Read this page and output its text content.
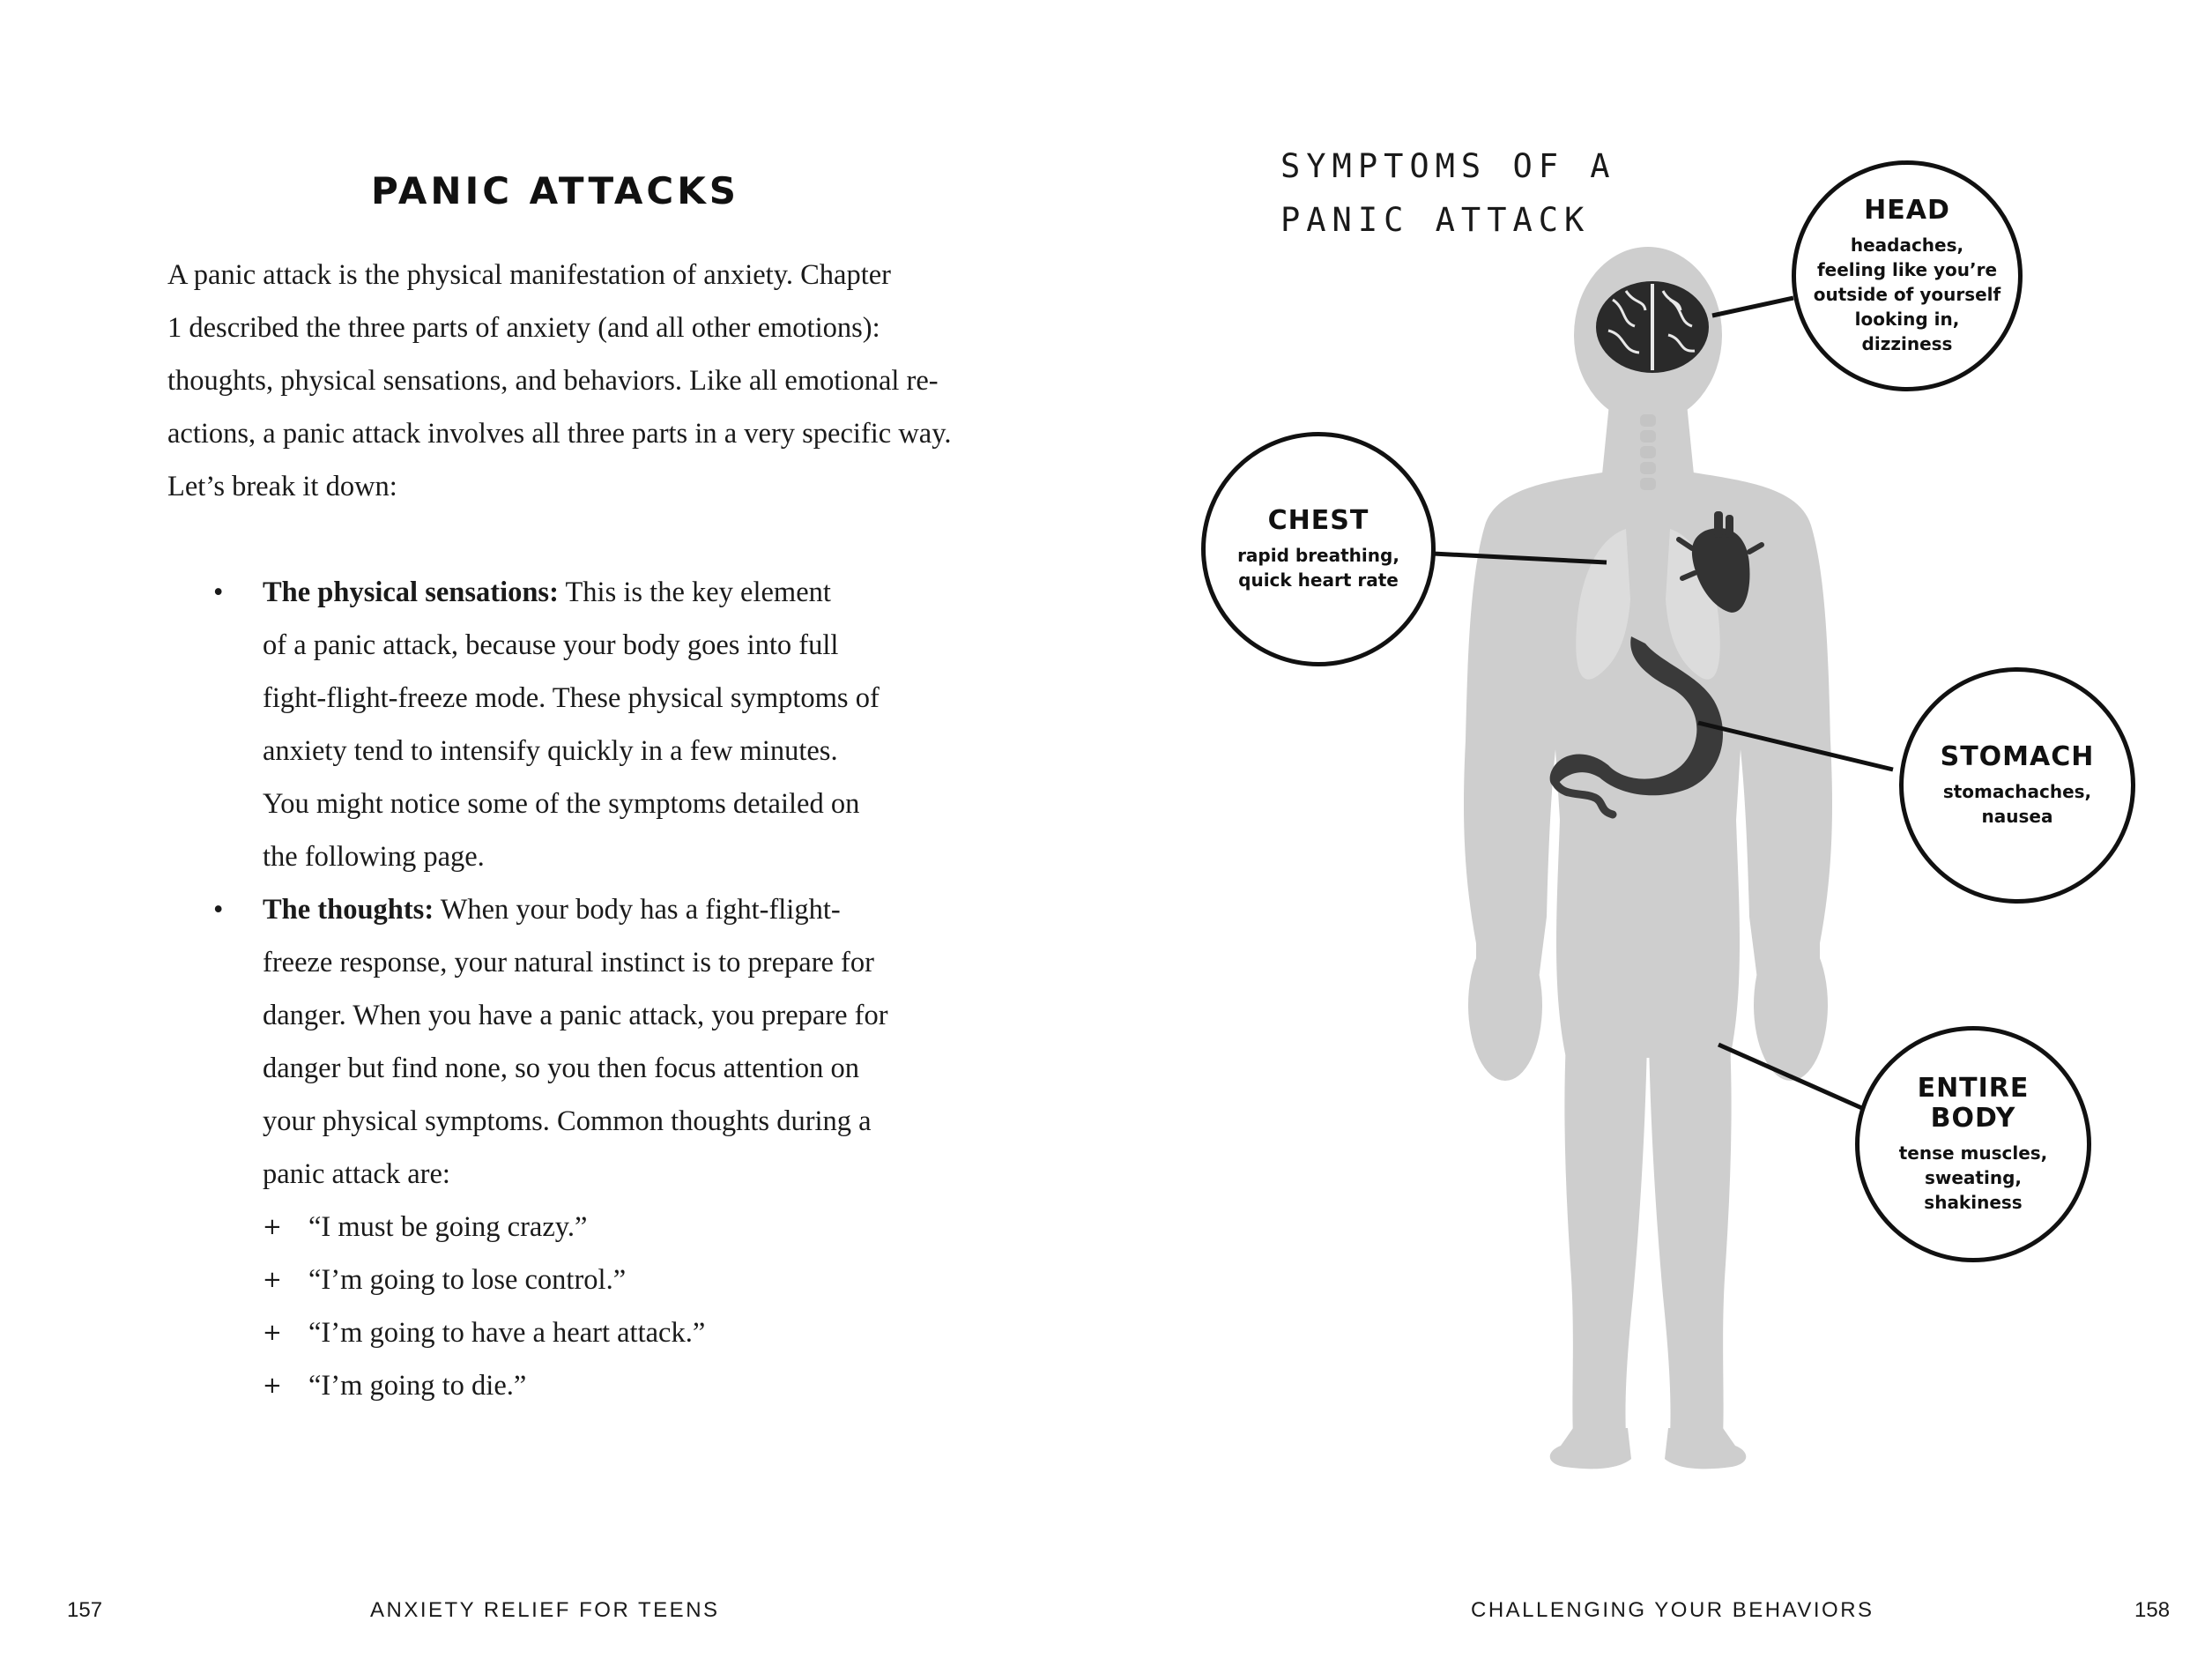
PANIC ATTACKS

A panic attack is the physical manifestation of anxiety. Chapter
1 described the three parts of anxiety (and all other emotions):
thoughts, physical sensations, and behaviors. Like all emotional re-
actions, a panic attack involves all three parts in a very specific way.
Let’s break it down:

• The physical sensations: This is the key element
of a panic attack, because your body goes into full
fight-flight-freeze mode. These physical symptoms of
anxiety tend to intensify quickly in a few minutes.
You might notice some of the symptoms detailed on
the following page.
• The thoughts: When your body has a fight-flight-
freeze response, your natural instinct is to prepare for
danger. When you have a panic attack, you prepare for
danger but find none, so you then focus attention on
your physical symptoms. Common thoughts during a
panic attack are:
+ “I must be going crazy.”
+ “I’m going to lose control.”
+ “I’m going to have a heart attack.”
+ “I’m going to die.”

157	ANXIETY RELIEF FOR TEENS

SYMPTOMS OF A
PANIC ATTACK	HEAD
headaches,
feeling like you’re
outside of yourself
looking in,
dizziness
CHEST
rapid breathing,
quick heart rate
STOMACH
stomachaches,
nausea
ENTIRE
BODY
tense muscles,
sweating,
shakiness

CHALLENGING YOUR BEHAVIORS	158
